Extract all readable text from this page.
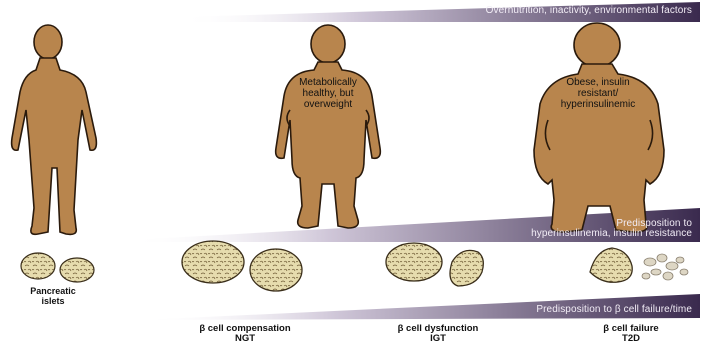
Overnutrition, inactivity, environmental factors
Predisposition to
hyperinsulinemia, insulin resistance
Predisposition to β cell failure/time
Metabolically
healthy, but
overweight
Obese, insulin
resistant/
hyperinsulinemic
Pancreatic
islets
β cell compensation
NGT
β cell dysfunction
IGT
β cell failure
T2D
